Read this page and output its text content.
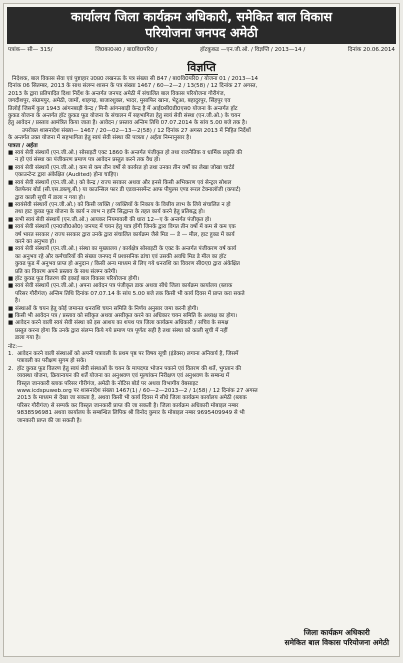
कार्यालय जिला कार्यक्रम अधिकारी, समेकित बाल विकास
परियोजना जनपद अमेठी
पत्रांक— सी— 315/	जि0का0अ0 / बा0वि0परि0 /	हॉटकुकड —एन.जी.ओ. / विज्ञप्ति / 2013—14 /	दिनांक 20.06.2014
विज्ञप्ति
निदेशक, बाल विकास सेवा एवं पुष्टाहार उ0प्र0 लखनऊ के पत्र संख्या सी 847 / बा0वि0परि0 / योजना 01 / 2013—14
दिनांक 06 सितम्बर, 2013 के साथ संलग्न शासन के पत्र संख्या 1467 / 60—2—2 / 13(58) / 12 दिनांक 27 अगस्त,
2013 के द्वारा प्रतिपादित दिशा निर्देश के अन्तर्गत जनपद अमेठी में संचालित बाल विकास परियोजना गौरीगंज,
जगदीशपुर, संग्रामपुर, अमेठी, जामों, शाहगढ़, बाजारशुक्ल, भादर, मुसाफिर खाना, भेटुआ, बहादुरपुर, सिंहपुर एव
तिलोई जिसमें कुल 1943 आंगनबाड़ी केन्द्र / मिनी आंगनबाड़ी केन्द्र है में आई0सी0डी0एस0 योजना के अन्तर्गत हॉट
कुकड योजना के अन्तर्गत हॉट कुकड फूड योजना के संचालन में सहभागिता हेतु स्वयं सेवी संस्था (एन.जी.ओ.) के चयन
हेतु आवेदन / प्रस्ताव आमंत्रित किया जाता है। आवेदन / प्रस्ताव अन्तिम तिथि 07.07.2014 के सांय 5.00 बजे तक है।
उपरोक्त शासनादेश संख्या— 1467 / 20—02—13—2(58) / 12 दिनांक 27 अगस्त 2013 में निहित निर्देशों
के अन्तर्गत उक्त योजना में सहभागिता हेतु स्वयं सेवी संस्था की पात्रता / अर्हता निम्नानुसार है।
पात्रता / अर्हता
■ स्वयं सेवी संस्थायें (एन.जी.ओ.) सोसाइटी एक्ट 1860 के अन्तर्गत पंजीकृत हो तथा राजनैतिक व धार्मिक प्रकृति की
न हो एवं संस्था का पंजीकरण प्रमाण पत्र आवेदन प्रस्तुत करने तक वैध हो।
■ स्वयं सेवी संस्थायें (एन.जी.ओ.) कम से कम तीन वर्षों से कार्यरत हो तथा उनका तीन वर्षों का लेखा जोखा चार्टर्ड
एकाउन्टेन्ट द्वारा अंकेक्षित (Audited) होना चाहिए।
■ स्वयं सेवी संस्थायें (एन.जी.ओ.) को केन्द्र / राज्य सरकार अथवा और इनसे किसी अभिकरण एवं सेन्ट्रल सोशल
वेलफेयर बोर्ड (सी.एस.डब्ल्यू.बी.) या काउन्सिल फार डी एडवानसमेंन्ट आफ पीपुल्स एण्ड रूरल टेक्नालॉजी (कपार्ट)
द्वारा काली सूची में डाला न गया हो।
■ स्वयंसेवी संस्थायें (एन.जी.ओ.) को किसी व्यक्ति / व्यक्तियों के निकाय के वित्तीय लाभ के लिये संचालित न हो
तथा हाट कुक्ड फूड योजना के कार्य न लाभ न हानि सिद्धान्त के तहत कार्य करने हेतु प्रतिबद्ध हो।
■ सभी स्वयं सेवी संस्थायें (एन.जी.ओ.) आयकर नियमावली की धारा 12—ए के अन्तर्गत पंजीकृत हो।
■ स्वयं सेवी संस्थायें (एन0जी0ओ0) जनपद में चयन हेतु पात्र होंगी जिनके द्वारा विगत तीन वर्षो में कम से कम एक
वर्ष भारत सरकार / राज्य सरकार द्वारा उनके द्वारा संचालित कार्यक्रम जैसे मिड — डे — मील, हाट हुक्ड में कार्य
करने का अनुभव हो।
■ स्वयं सेवी संस्थायें (एन.जी.ओ.) संस्था का मुख्यालय / कार्यक्षेत्र सोसाइटी के एक्ट के अन्तर्गत पंजीकरण वर्ष कार्य
का अनुभव रहे और कर्मचारियों की संख्या जनपद में प्रशासनिक ढांचा एवं उसकी अवधि मिड डे मील का हॉट
कुक्ड फूड में अनुभव प्राप्त हो अनुदान / किसी अन्य माध्यम से लिए गये धनराशि का विवरण सी0ए0 द्वारा अंकेक्षित
प्रति का विवरण अपने प्रस्ताव के साथ संलग्न करेगी।
■ हॉट कुक्ड फूड वितरण की इकाई बाल विकास परियोजना होगी।
■ स्वयं सेवी संस्थायें (एन.जी.ओ.) अपना आवेदन पत्र पंजीकृत डाक अथवा सीधे जिला कार्यक्रम कार्यालय (ब्लाक
परिसर गौरीगंज) अन्तिम तिथि दिनांक 07.07.14 के सांय 5.00 बजे तक किसी भी कार्य दिवस में प्राप्त करा सकते
है।
■ संस्थाओं के चयन हेतु कोई जमानत धनराशि चयन समिति के निर्णय अनुसार जमा करनी होगी।
■ किसी भी आवेदन पत्र / प्रस्ताव को स्वीकृत अथवा अस्वीकृत करने का अधिकार चयन समिति के अध्यक्ष का होगा।
■ आवेदन करने वाली स्वयं सेवी संस्था को इस आशय का शपथ पत्र जिला कार्यक्रम अधिकारी / सचिव के समक्ष
प्रस्तुत करना होगा कि उनके द्वारा संलग्न किये गये प्रमाण पत्र पूर्णतः सही है तथा संस्था को काली सूची में नहीं
डाला गया है।
नोट:—
1. आवेदन करने वाली संस्थाओं को अपनी पत्रावली के प्रथम पृष्ठ पर विषय सूची (इंडेक्स) लगाना अनिवार्य है, जिसमें
पत्रावली का परीक्षण सुगम हो सके।
2. हॉट कुक्ड फूड वितरण हेतु स्वयं सेवी संस्थाओं के चयन के मापदण्ड भोजन पकाने एवं वितरण की शर्ते, भुगतान की
व्यवस्था योजना, क्रियान्वयन की शर्तें योजना का अनुश्रवण एवं मूल्यांकन निरीक्षण एवं अनुश्रवण के सम्बन्ध में
विस्तृत जानकारी ब्लाक परिसर गौरीगंज, अमेठी के नोटिस बोर्ड पर अथवा विभागीय वेबसाइट
www.icdspuweb.org पर शासनादेश संख्या 1467(1) / 60—2—2013—2 / 1(58) / 12 दिनांक 27 अगस्त
2013 के माध्यम से देखा जा सकता है, अथवा किसी भी कार्य दिवस में सीधे जिला कार्यक्रम कार्यालय अमेठी (ब्लाक
परिसर गौरीगंज) से सम्पर्क कर विस्तृत जानकारी प्राप्त की जा सकती है। जिला कार्यक्रम अधिकारी मोबाइल नम्बर
9838596981 अथवा कार्यालय के सम्बन्धित लिपिक श्री विनोद कुमार के मोबाइल नम्बर 9695409949 से भी
जानकारी प्राप्त की जा सकती है।
जिला कार्यक्रम अधिकारी
समेकित बाल विकास परियोजना अमेठी
